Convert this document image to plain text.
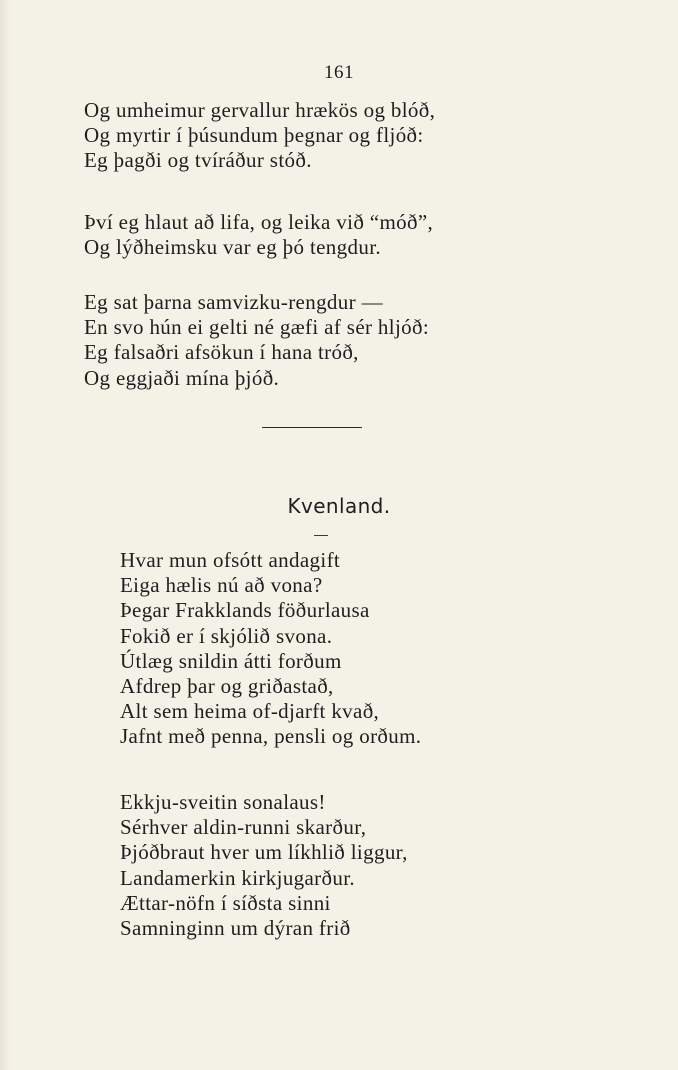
161
Og umheimur gervallur hrækös og blóð,
Og myrtir í þúsundum þegnar og fljóð:
Eg þagði og tvíráður stóð.
Því eg hlaut að lifa, og leika við “móð”,
Og lýðheimsku var eg þó tengdur.
Eg sat þarna samvizku-rengdur —
En svo hún ei gelti né gæfi af sér hljóð:
Eg falsaðri afsökun í hana tróð,
Og eggjaði mína þjóð.
Kvenland.
Hvar mun ofsótt andagift
Eiga hælis nú að vona?
Þegar Frakklands föðurlausa
Fokið er í skjólið svona.
Útlæg snildin átti forðum
Afdrep þar og griðastað,
Alt sem heima of-djarft kvað,
Jafnt með penna, pensli og orðum.
Ekkju-sveitin sonalaus!
Sérhver aldin-runni skarður,
Þjóðbraut hver um líkhlið liggur,
Landamerkin kirkjugarður.
Ættar-nöfn í síðsta sinni
Samninginn um dýran frið
